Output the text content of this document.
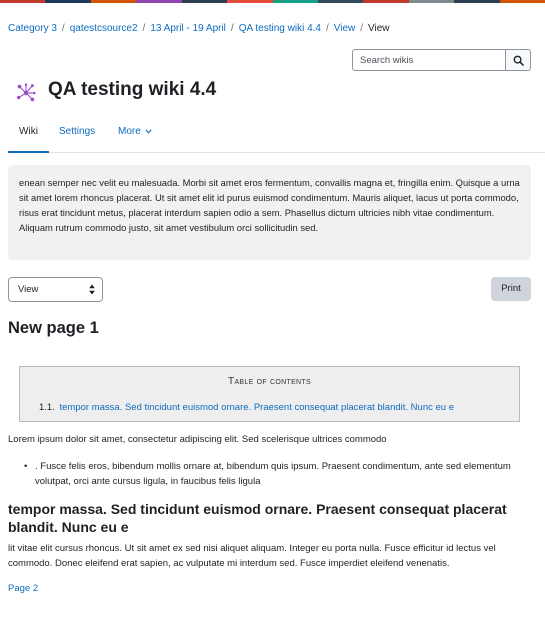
Category 3 / qatestcsource2 / 13 April - 19 April / QA testing wiki 4.4 / View / View
Search wikis
QA testing wiki 4.4
Wiki	Settings More
enean semper nec velit eu malesuada. Morbi sit amet eros fermentum, convallis magna et, fringilla enim. Quisque a urna sit amet lorem rhoncus placerat. Ut sit amet elit id purus euismod condimentum. Mauris aliquet, lacus ut porta commodo, risus erat tincidunt metus, placerat interdum sapien odio a sem. Phasellus dictum ultricies nibh vitae condimentum. Aliquam rutrum commodo justo, sit amet vestibulum orci sollicitudin sed.
View	Print
New page 1
Table of contents
1.1. tempor massa. Sed tincidunt euismod ornare. Praesent consequat placerat blandit. Nunc eu e

Lorem ipsum dolor sit amet, consectetur adipiscing elit. Sed scelerisque ultrices commodo

• . Fusce felis eros, bibendum mollis ornare at, bibendum quis ipsum. Praesent condimentum, ante sed elementum volutpat, orci ante cursus ligula, in faucibus felis ligula
tempor massa. Sed tincidunt euismod ornare. Praesent consequat placerat blandit. Nunc eu e

lit vitae elit cursus rhoncus. Ut sit amet ex sed nisi aliquet aliquam. Integer eu porta nulla. Fusce efficitur id lectus vel commodo. Donec eleifend erat sapien, ac vulputate mi interdum sed. Fusce imperdiet eleifend venenatis.

Page 2
